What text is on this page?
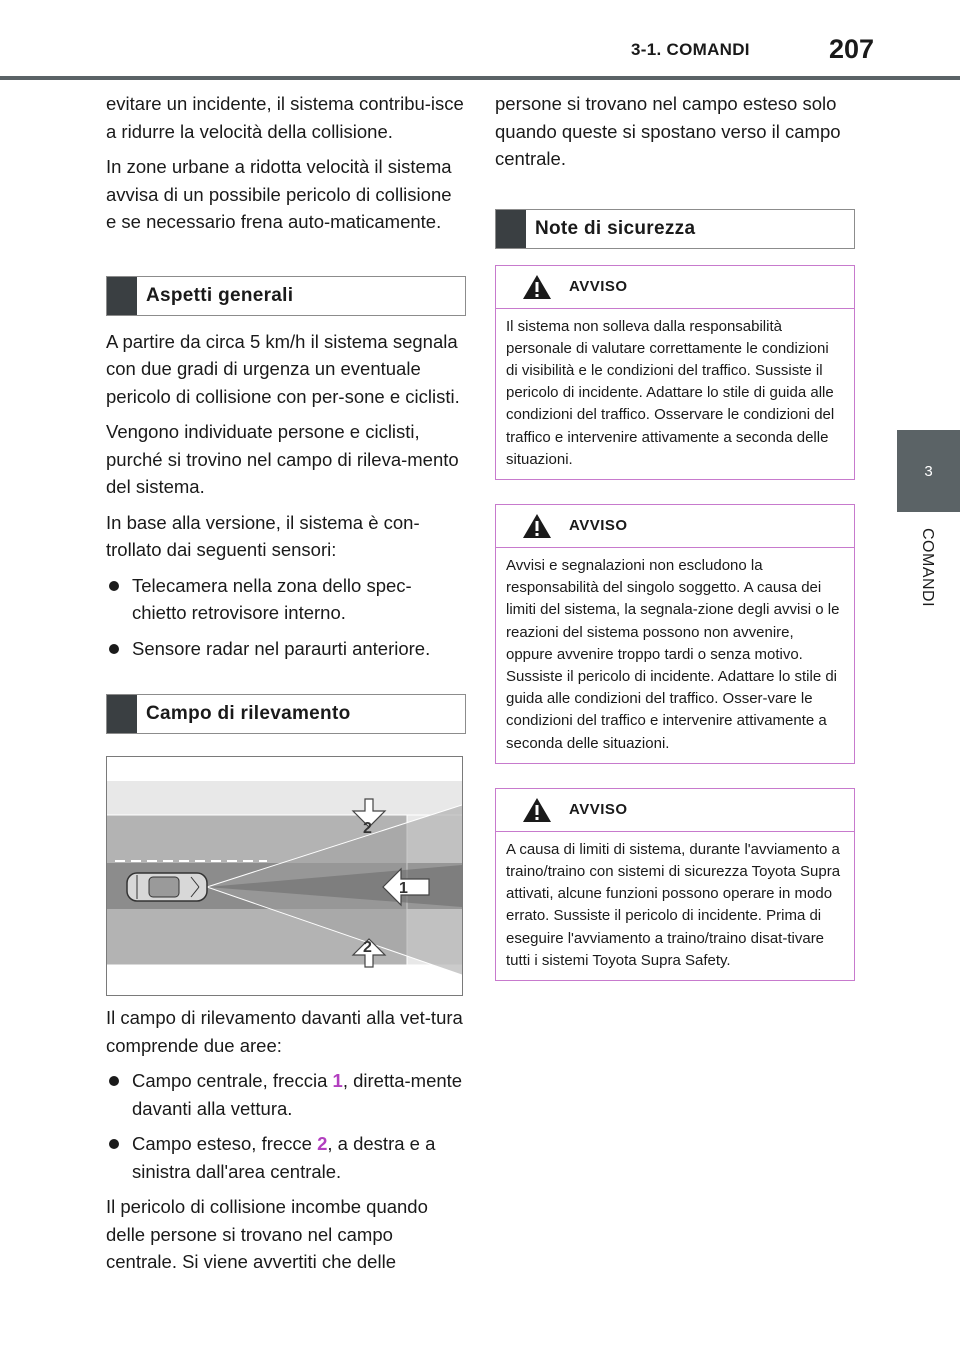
3-1. COMANDI	207
3
COMANDI

evitare un incidente, il sistema contribu-isce a ridurre la velocità della collisione.

In zone urbane a ridotta velocità il sistema avvisa di un possibile pericolo di collisione e se necessario frena auto-maticamente.

Aspetti generali

A partire da circa 5 km/h il sistema segnala con due gradi di urgenza un eventuale pericolo di collisione con per-sone e ciclisti.

Vengono individuate persone e ciclisti, purché si trovino nel campo di rileva-mento del sistema.

In base alla versione, il sistema è con-trollato dai seguenti sensori:

Telecamera nella zona dello spec-chietto retrovisore interno.
Sensore radar nel paraurti anteriore.
Campo di rilevamento
2
1
2

Il campo di rilevamento davanti alla vet-tura comprende due aree:

Campo centrale, freccia 1, diretta-mente davanti alla vettura.
Campo esteso, frecce 2, a destra e a sinistra dall'area centrale.

Il pericolo di collisione incombe quando delle persone si trovano nel campo centrale. Si viene avvertiti che delle

persone si trovano nel campo esteso solo quando queste si spostano verso il campo centrale.

Note di sicurezza
AVVISO
Il sistema non solleva dalla responsabilità personale di valutare correttamente le condizioni di visibilità e le condizioni del traffico. Sussiste il pericolo di incidente. Adattare lo stile di guida alle condizioni del traffico. Osservare le condizioni del traffico e intervenire attivamente a seconda delle situazioni.
AVVISO
Avvisi e segnalazioni non escludono la responsabilità del singolo soggetto. A causa dei limiti del sistema, la segnala-zione degli avvisi o le reazioni del sistema possono non avvenire, oppure avvenire troppo tardi o senza motivo. Sussiste il pericolo di incidente. Adattare lo stile di guida alle condizioni del traffico. Osser-vare le condizioni del traffico e intervenire attivamente a seconda delle situazioni.
AVVISO
A causa di limiti di sistema, durante l'avviamento a traino/traino con sistemi di sicurezza Toyota Supra attivati, alcune funzioni possono operare in modo errato. Sussiste il pericolo di incidente. Prima di eseguire l'avviamento a traino/traino disat-tivare tutti i sistemi Toyota Supra Safety.
